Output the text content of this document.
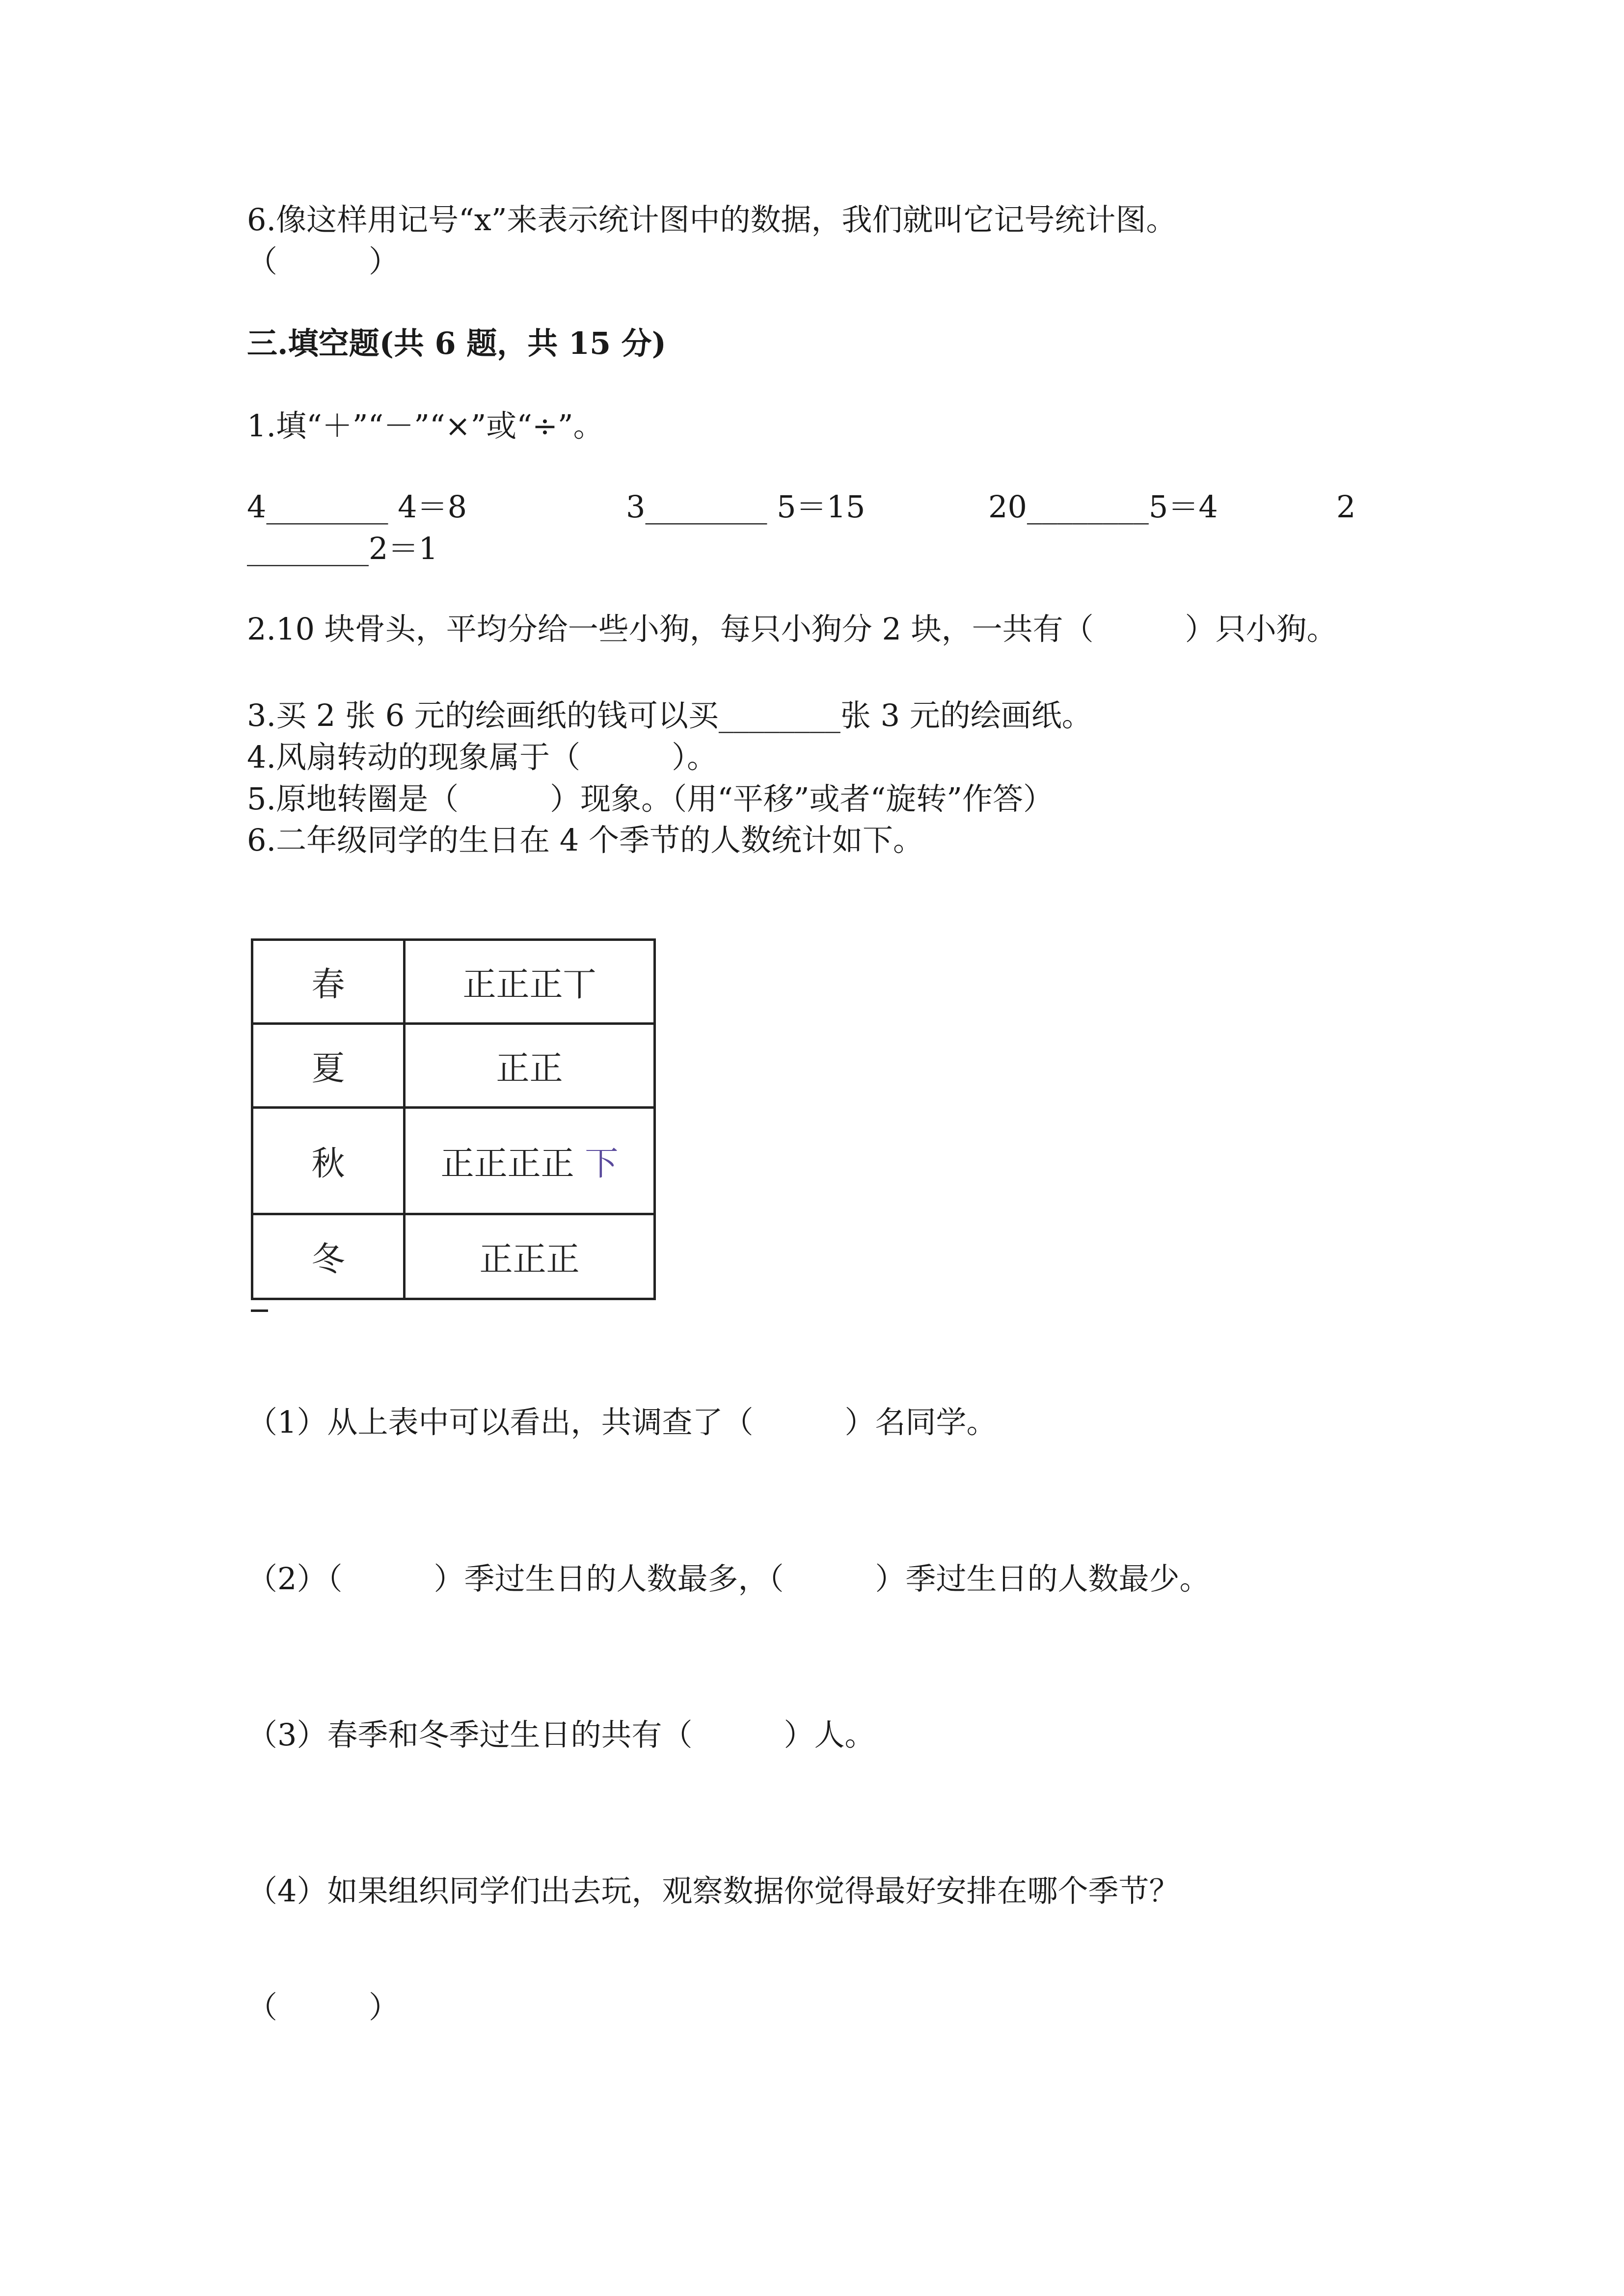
6.像这样用记号“x”来表示统计图中的数据，我们就叫它记号统计图。

（　　　）

三.填空题(共 6 题，共 15 分)

1.填“＋”“－”“×”或“÷”。

4________ 4＝8	3________ 5＝15	20________5＝4	2
________2＝1

2.10 块骨头，平均分给一些小狗，每只小狗分 2 块，一共有（　　　）只小狗。

3.买 2 张 6 元的绘画纸的钱可以买________张 3 元的绘画纸。

4.风扇转动的现象属于（　　　）。

5.原地转圈是（　　　）现象。（用“平移”或者“旋转”作答）

6.二年级同学的生日在 4 个季节的人数统计如下。

春	正正正丅
夏	正正
秋	正正正正 下
冬	正正正

（1）从上表中可以看出，共调查了（　　　）名同学。

（2）（　　　）季过生日的人数最多，（　　　）季过生日的人数最少。

（3）春季和冬季过生日的共有（　　　）人。

（4）如果组织同学们出去玩，观察数据你觉得最好安排在哪个季节？

（　　　）
